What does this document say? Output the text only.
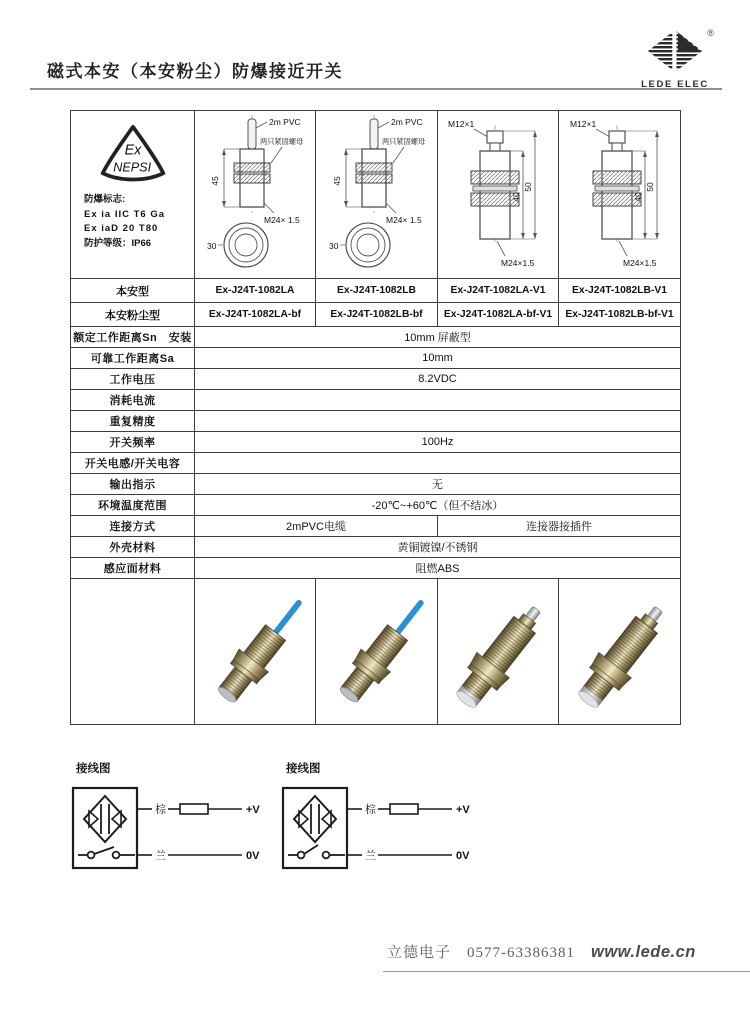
磁式本安（本安粉尘）防爆接近开关
®
LEDE ELEC
Ex
NEPSI
防爆标志:
Ex ia IIC T6 Ga
Ex iaD 20 T80
防护等级：IP66

2m PVC
两只紧固螺母
M24× 1.5
45
30

2m PVC
两只紧固螺母
M24× 1.5
45
30

M12×1
40
50
M24×1.5

M12×1
40
50
M24×1.5

本安型	Ex-J24T-1082LA	Ex-J24T-1082LB	Ex-J24T-1082LA-V1	Ex-J24T-1082LB-V1
本安粉尘型	Ex-J24T-1082LA-bf	Ex-J24T-1082LB-bf	Ex-J24T-1082LA-bf-V1	Ex-J24T-1082LB-bf-V1
额定工作距离Sn　安装	10mm 屏蔽型			
可靠工作距离Sa	10mm			
工作电压	8.2VDC			
消耗电流				
重复精度				
开关频率	100Hz			
开关电感/开关电容				
输出指示	无			
环境温度范围	-20℃~+60℃（但不结冰）			
连接方式	2mPVC电缆		连接器接插件	
外壳材料	黄铜镀镍/不锈钢			
感应面材料	阻燃ABS			

接线图
棕	+V
兰	0V
接线图
棕	+V
兰	0V
立德电子 0577-63386381 www.lede.cn
